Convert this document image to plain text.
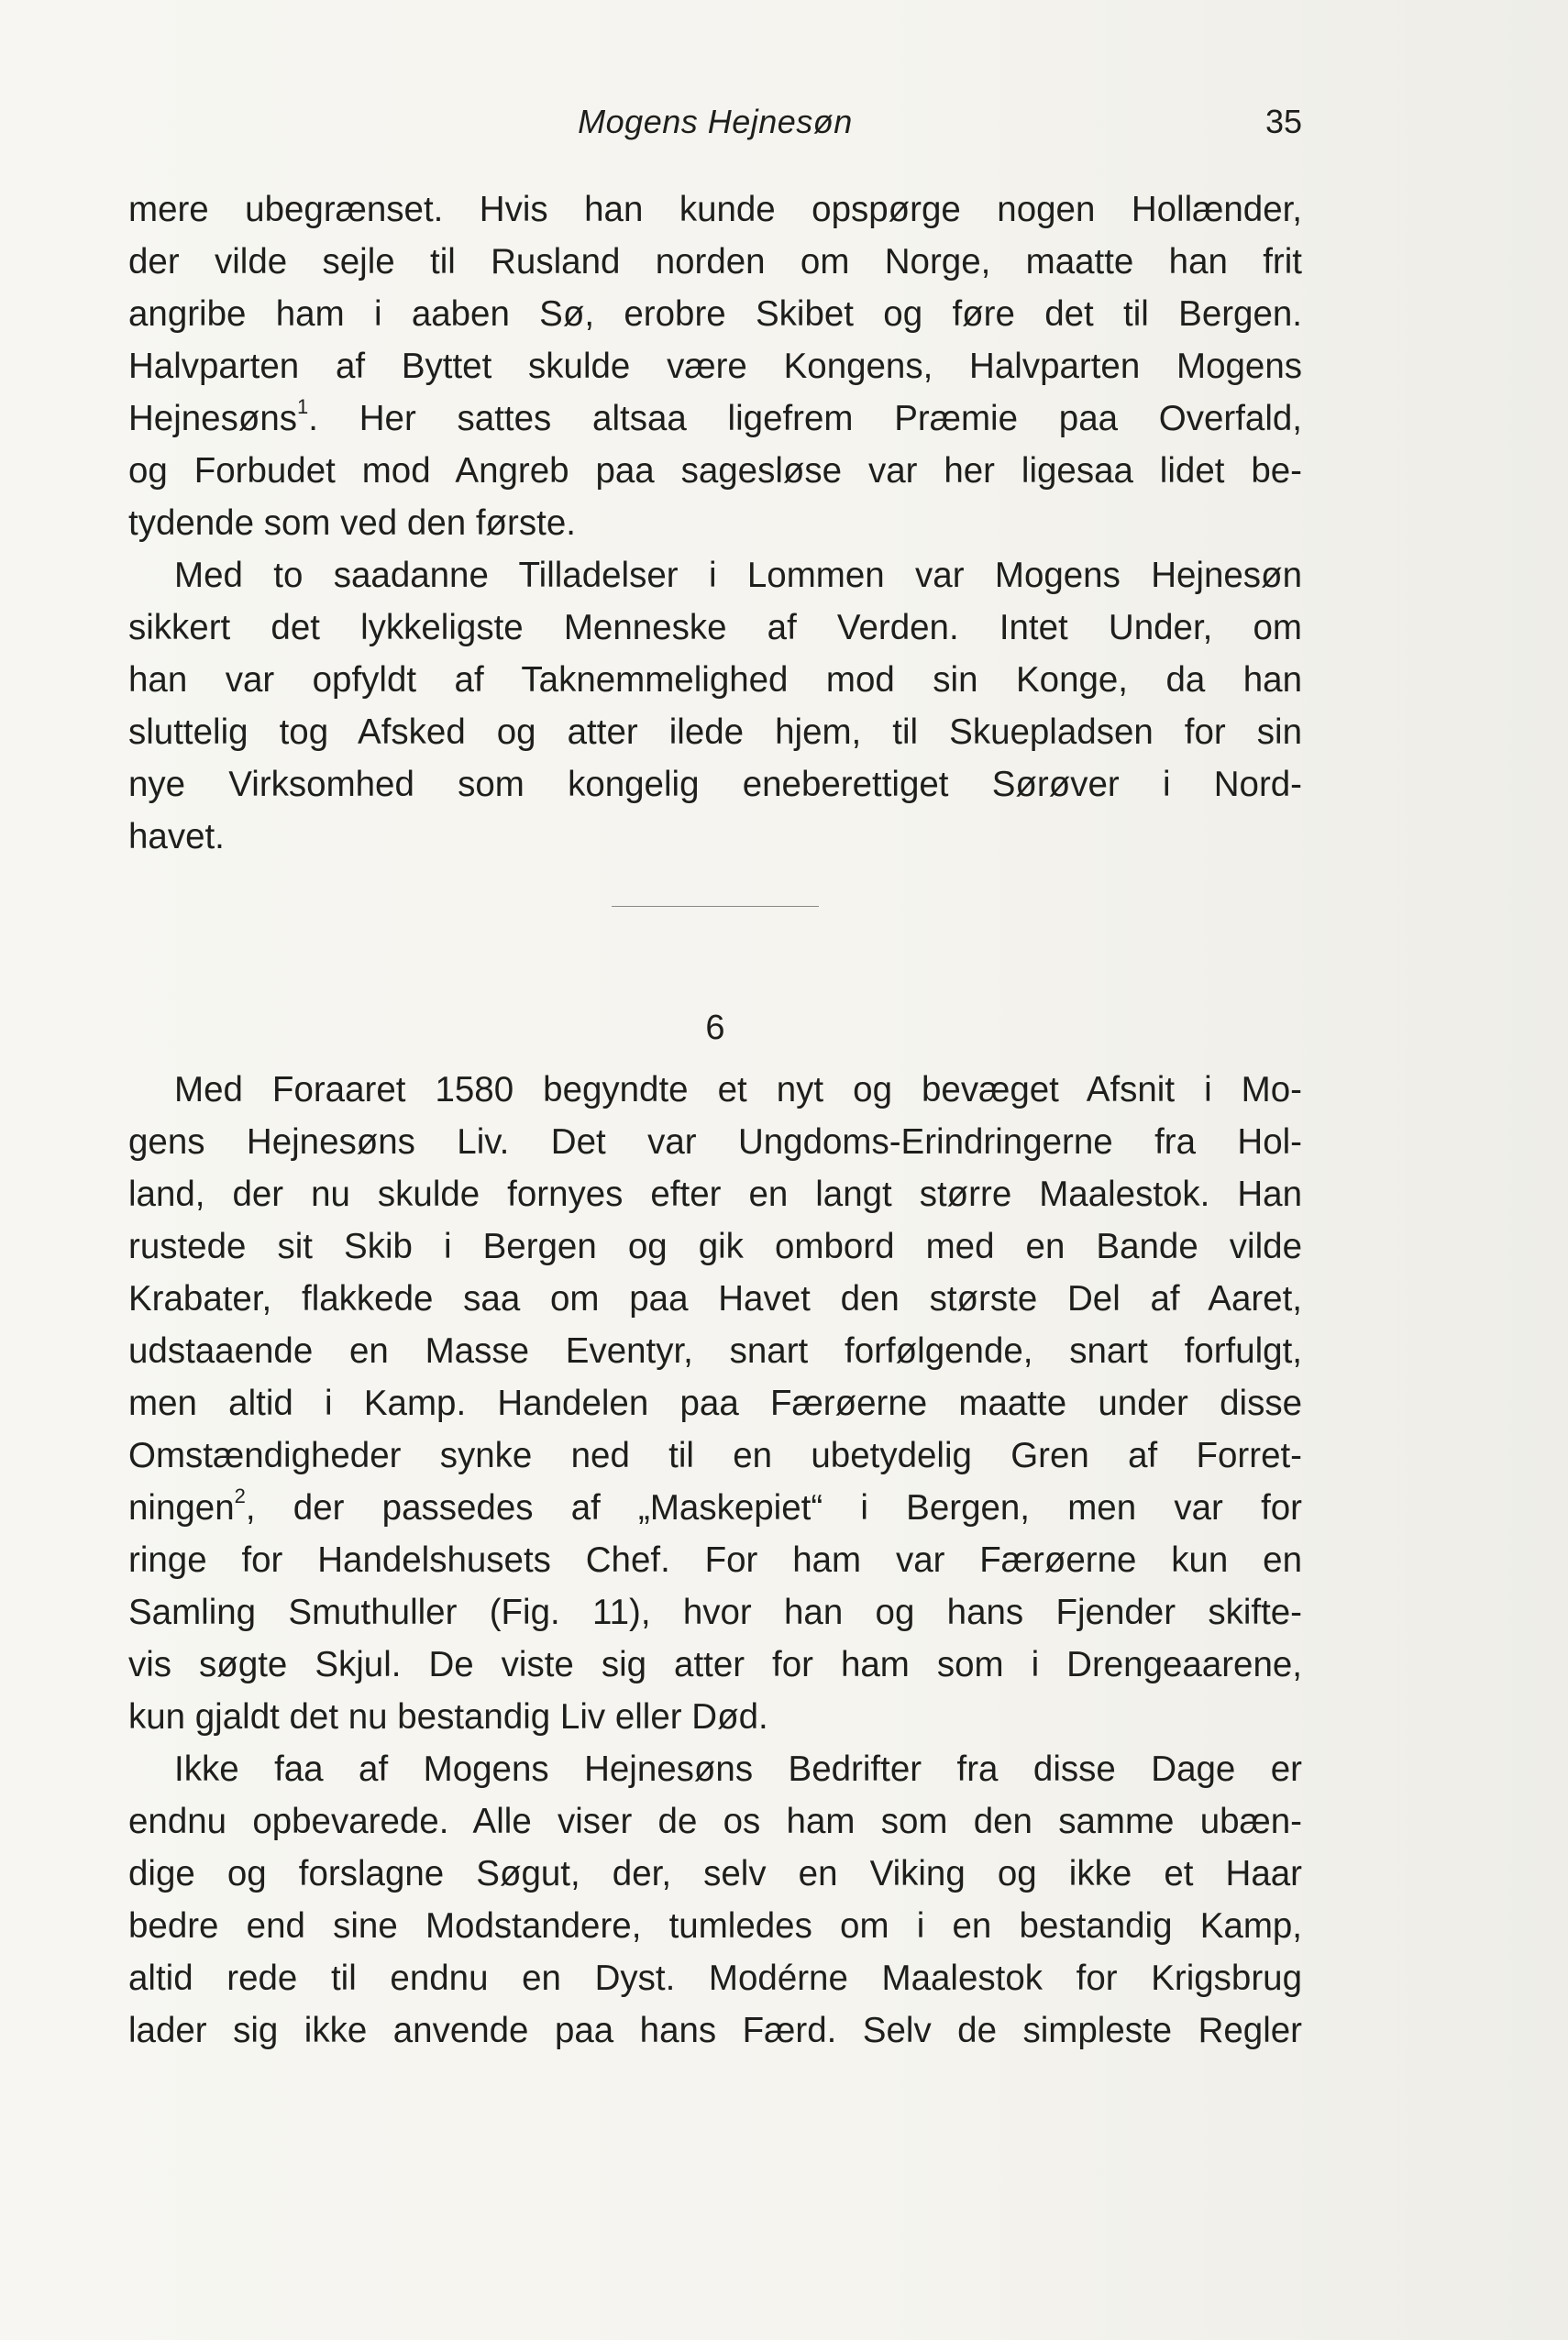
Mogens Hejnesøn	35
mere ubegrænset. Hvis han kunde opspørge nogen Hollænder,
der vilde sejle til Rusland norden om Norge, maatte han frit
angribe ham i aaben Sø, erobre Skibet og føre det til Bergen.
Halvparten af Byttet skulde være Kongens, Halvparten Mogens
Hejnesøns$^1$. Her sattes altsaa ligefrem Præmie paa Overfald,
og Forbudet mod Angreb paa sagesløse var her ligesaa lidet be-
tydende som ved den første.
Med to saadanne Tilladelser i Lommen var Mogens Hejnesøn
sikkert det lykkeligste Menneske af Verden. Intet Under, om
han var opfyldt af Taknemmelighed mod sin Konge, da han
sluttelig tog Afsked og atter ilede hjem, til Skuepladsen for sin
nye Virksomhed som kongelig eneberettiget Sørøver i Nord-
havet.
6
Med Foraaret 1580 begyndte et nyt og bevæget Afsnit i Mo-
gens Hejnesøns Liv. Det var Ungdoms-Erindringerne fra Hol-
land, der nu skulde fornyes efter en langt større Maalestok. Han
rustede sit Skib i Bergen og gik ombord med en Bande vilde
Krabater, flakkede saa om paa Havet den største Del af Aaret,
udstaaende en Masse Eventyr, snart forfølgende, snart forfulgt,
men altid i Kamp. Handelen paa Færøerne maatte under disse
Omstændigheder synke ned til en ubetydelig Gren af Forret-
ningen$^2$, der passedes af „Maskepiet“ i Bergen, men var for
ringe for Handelshusets Chef. For ham var Færøerne kun en
Samling Smuthuller (Fig. 11), hvor han og hans Fjender skifte-
vis søgte Skjul. De viste sig atter for ham som i Drengeaarene,
kun gjaldt det nu bestandig Liv eller Død.
Ikke faa af Mogens Hejnesøns Bedrifter fra disse Dage er
endnu opbevarede. Alle viser de os ham som den samme ubæn-
dige og forslagne Søgut, der, selv en Viking og ikke et Haar
bedre end sine Modstandere, tumledes om i en bestandig Kamp,
altid rede til endnu en Dyst. Modérne Maalestok for Krigsbrug
lader sig ikke anvende paa hans Færd. Selv de simpleste Regler
